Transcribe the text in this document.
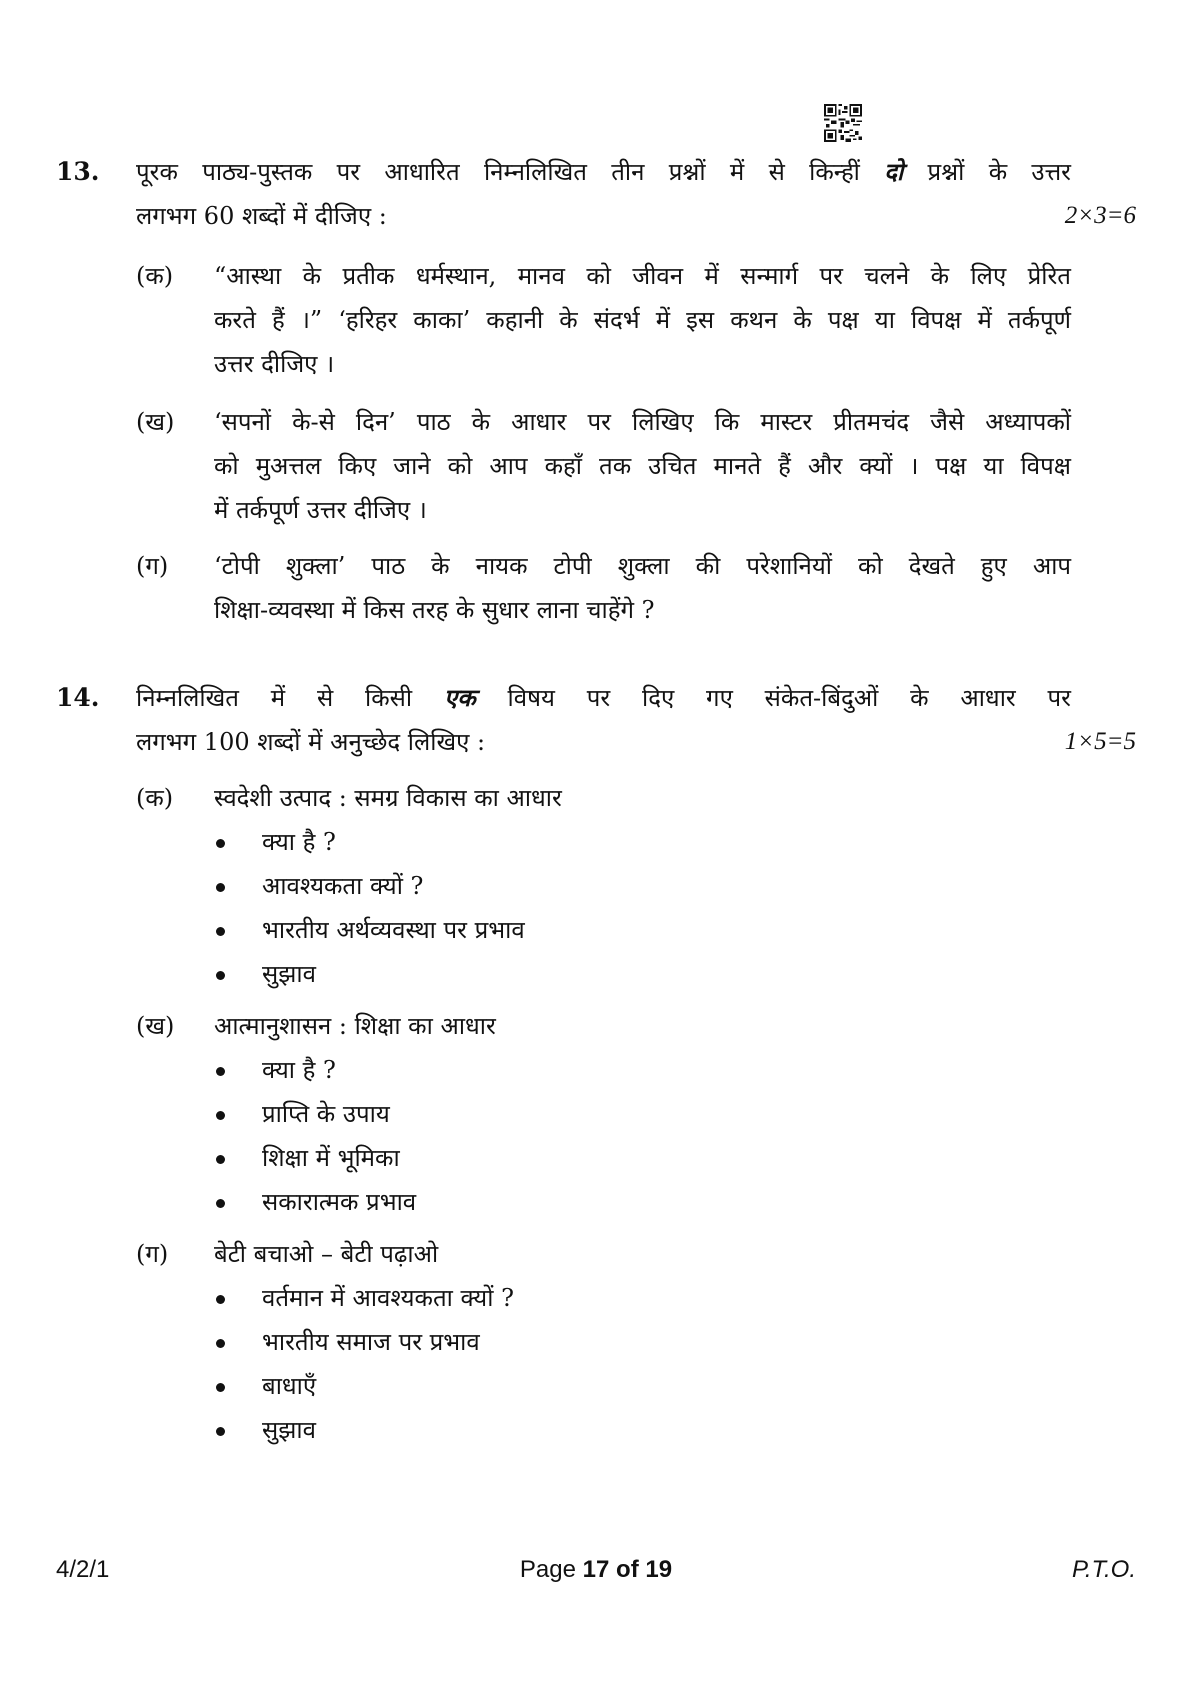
13. पूरक पाठ्य-पुस्तक पर आधारित निम्नलिखित तीन प्रश्नों में से किन्हीं दो प्रश्नों के उत्तर
लगभग 60 शब्दों में दीजिए :	2×3=6
(क) “आस्था के प्रतीक धर्मस्थान, मानव को जीवन में सन्मार्ग पर चलने के लिए प्रेरित
करते हैं ।” ‘हरिहर काका’ कहानी के संदर्भ में इस कथन के पक्ष या विपक्ष में तर्कपूर्ण
उत्तर दीजिए ।
(ख) ‘सपनों के-से दिन’ पाठ के आधार पर लिखिए कि मास्टर प्रीतमचंद जैसे अध्यापकों
को मुअत्तल किए जाने को आप कहाँ तक उचित मानते हैं और क्यों । पक्ष या विपक्ष
में तर्कपूर्ण उत्तर दीजिए ।
(ग) ‘टोपी शुक्ला’ पाठ के नायक टोपी शुक्ला की परेशानियों को देखते हुए आप
शिक्षा-व्यवस्था में किस तरह के सुधार लाना चाहेंगे ?
14. निम्नलिखित में से किसी एक विषय पर दिए गए संकेत-बिंदुओं के आधार पर
लगभग 100 शब्दों में अनुच्छेद लिखिए :	1×5=5
(क) स्वदेशी उत्पाद : समग्र विकास का आधार
क्या है ?
आवश्यकता क्यों ?
भारतीय अर्थव्यवस्था पर प्रभाव
सुझाव
(ख) आत्मानुशासन : शिक्षा का आधार
क्या है ?
प्राप्ति के उपाय
शिक्षा में भूमिका
सकारात्मक प्रभाव
(ग) बेटी बचाओ – बेटी पढ़ाओ
वर्तमान में आवश्यकता क्यों ?
भारतीय समाज पर प्रभाव
बाधाएँ
सुझाव
4/2/1	Page 17 of 19	P.T.O.
